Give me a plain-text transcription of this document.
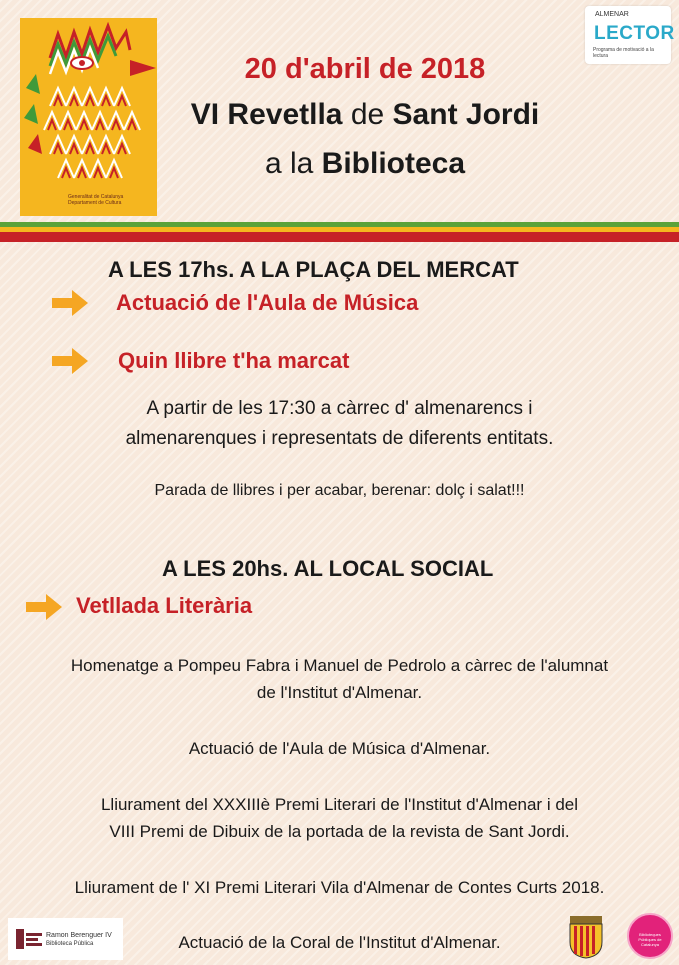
Generalitat de Catalunya
Departament de Cultura
ALMENAR
LECTOR
Programa de motivació a la lectura
20 d'abril de 2018
VI Revetlla de Sant Jordi
a la Biblioteca
A LES 17hs. A LA PLAÇA DEL MERCAT
Actuació de l'Aula de Música
Quin llibre t'ha marcat
A partir de les 17:30 a càrrec d' almenarencs i
almenarenques i representats de diferents entitats.
Parada de llibres i per acabar, berenar: dolç i salat!!!
A LES 20hs. AL LOCAL SOCIAL
Vetllada Literària
Homenatge a Pompeu Fabra i Manuel de Pedrolo a càrrec de l'alumnat
de l'Institut d'Almenar.
Actuació de l'Aula de Música d'Almenar.
Lliurament del XXXIIIè Premi Literari de l'Institut d'Almenar i del
VIII Premi de Dibuix de la portada de la revista de Sant Jordi.
Lliurament de l' XI Premi Literari Vila d'Almenar de Contes Curts 2018.
Actuació de la Coral de l'Institut d'Almenar.
Ramon Berenguer IV
Biblioteca Pública
Biblioteques Públiques de Catalunya
